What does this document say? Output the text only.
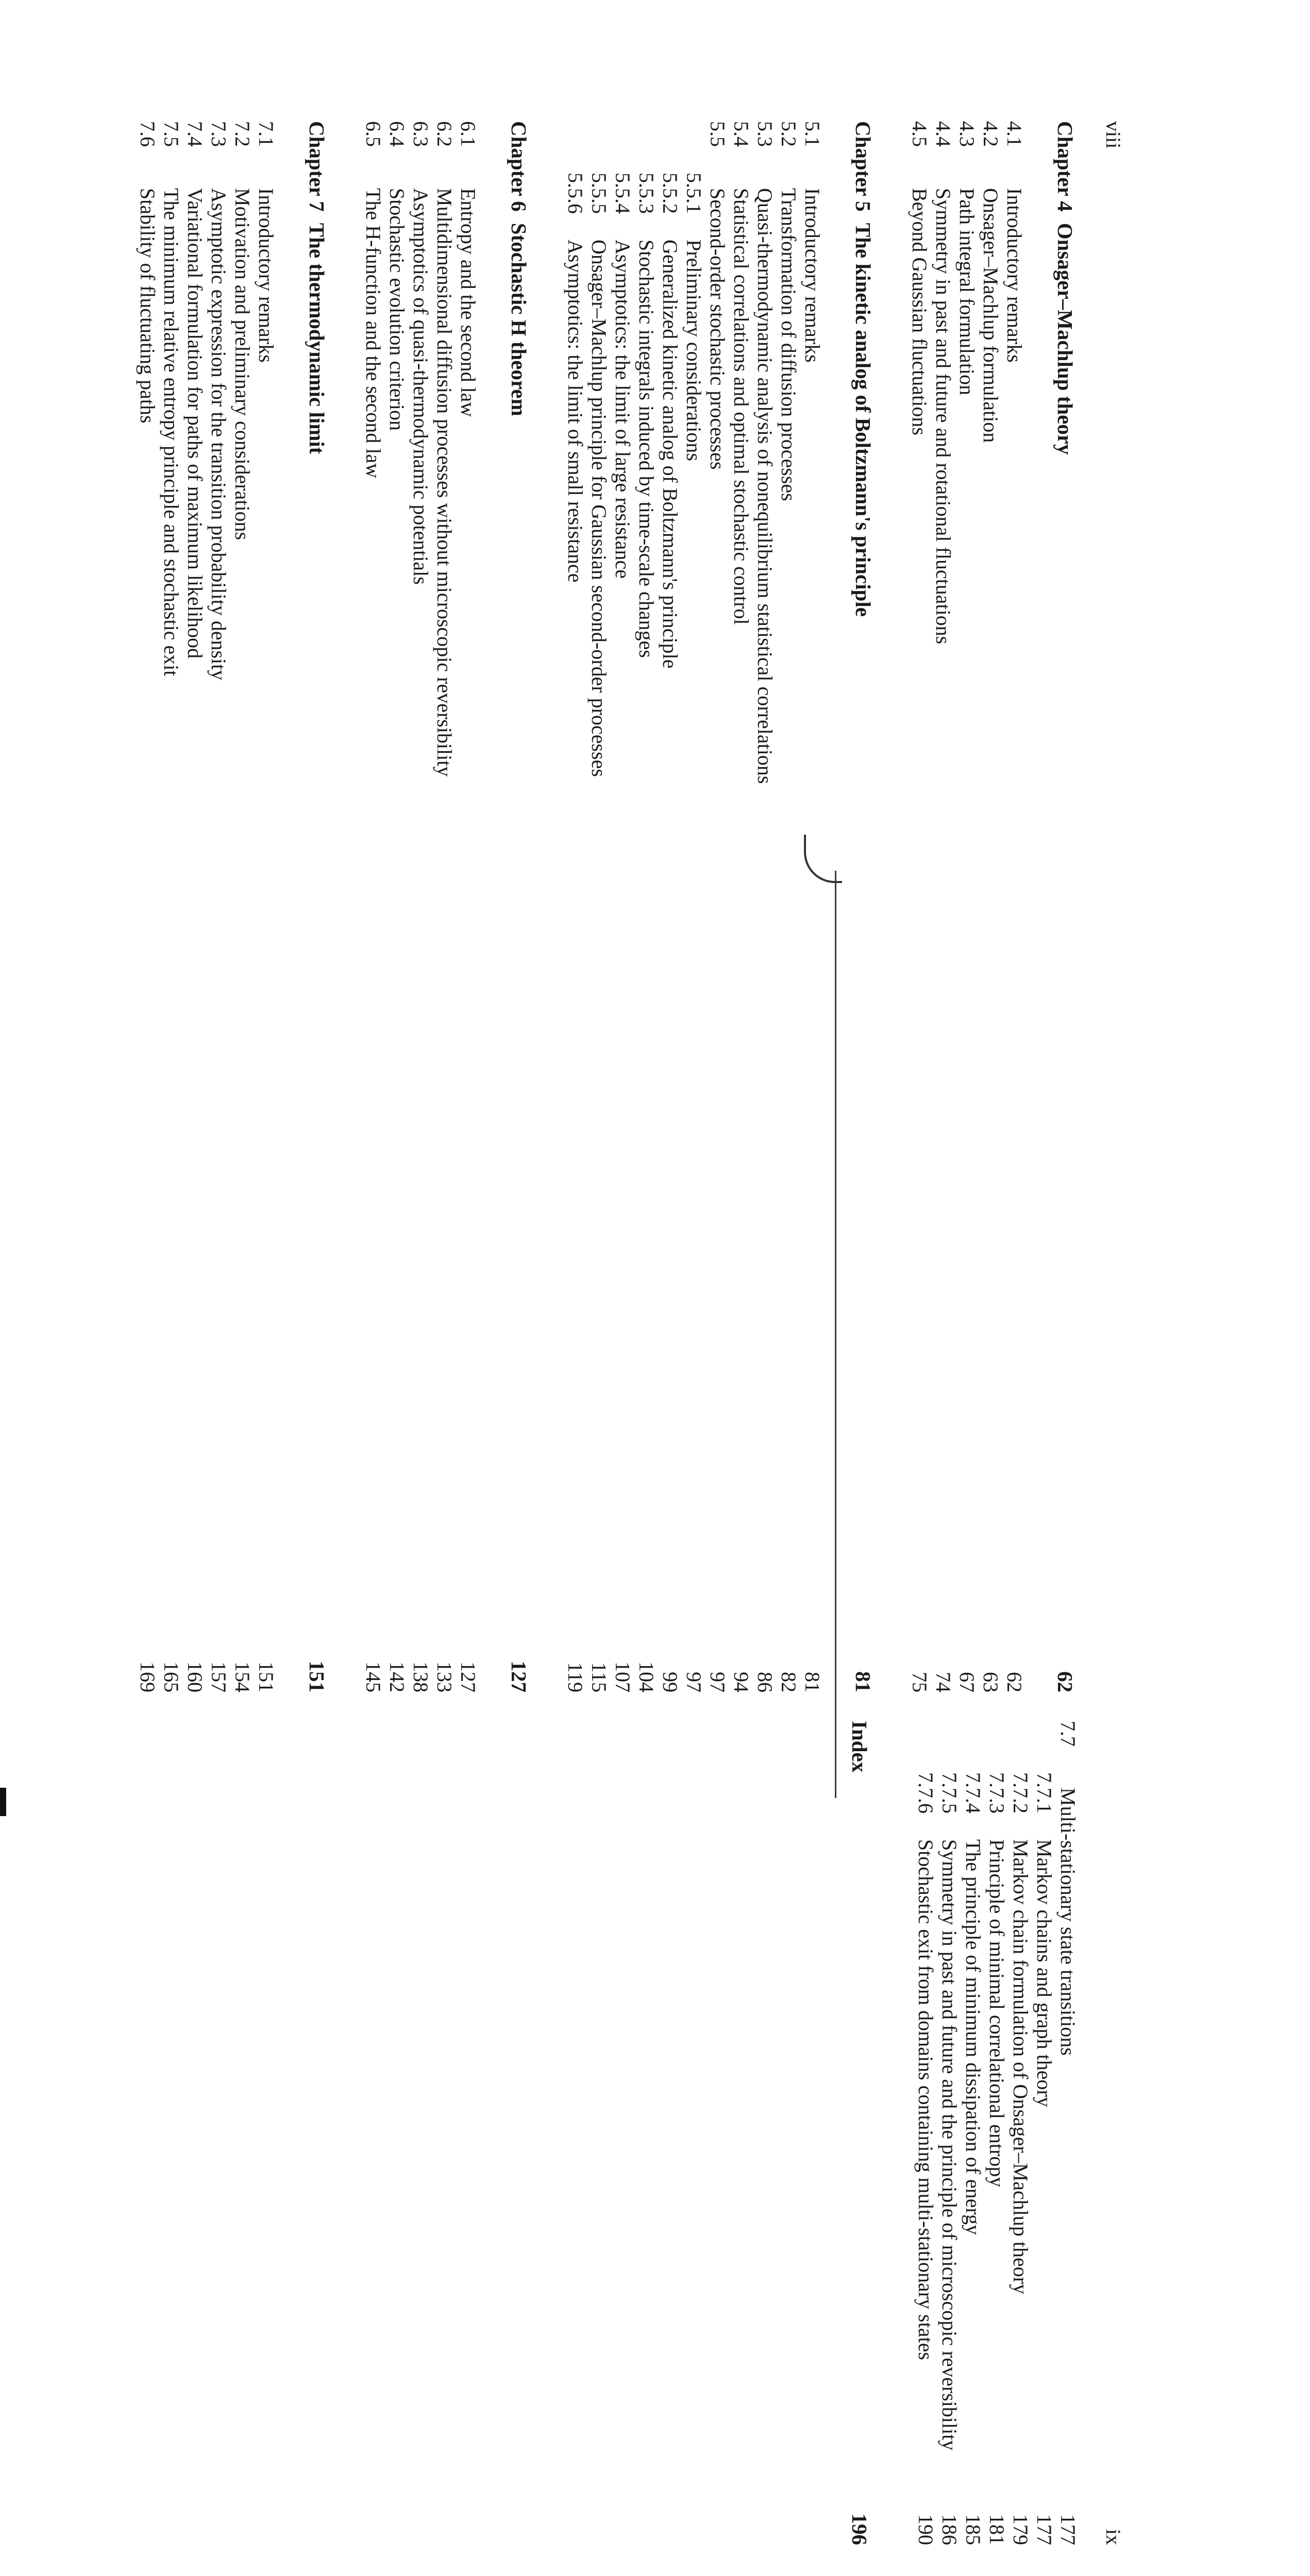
viii
Chapter 4Onsager–Machlup theory
62
4.1
Introductory remarks
62
4.2
Onsager–Machlup formulation
63
4.3
Path integral formulation
67
4.4
Symmetry in past and future and rotational fluctuations
74
4.5
Beyond Gaussian fluctuations
75
Chapter 5The kinetic analog of Boltzmann's principle
81
5.1
Introductory remarks
81
5.2
Transformation of diffusion processes
82
5.3
Quasi-thermodynamic analysis of nonequilibrium statistical correlations
86
5.4
Statistical correlations and optimal stochastic control
94
5.5
Second-order stochastic processes
97
5.5.1
Preliminary considerations
97
5.5.2
Generalized kinetic analog of Boltzmann's principle
99
5.5.3
Stochastic integrals induced by time-scale changes
104
5.5.4
Asymptotics: the limit of large resistance
107
5.5.5
Onsager–Machlup principle for Gaussian second-order processes
115
5.5.6
Asymptotics: the limit of small resistance
119
Chapter 6Stochastic H theorem
127
6.1
Entropy and the second law
127
6.2
Multidimensional diffusion processes without microscopic reversibility
133
6.3
Asymptotics of quasi-thermodynamic potentials
138
6.4
Stochastic evolution criterion
142
6.5
The H-function and the second law
145
Chapter 7The thermodynamic limit
151
7.1
Introductory remarks
151
7.2
Motivation and preliminary considerations
154
7.3
Asymptotic expression for the transition probability density
157
7.4
Variational formulation for paths of maximum likelihood
160
7.5
The minimum relative entropy principle and stochastic exit
165
7.6
Stability of fluctuating paths
169
ix
7.7
Multi-stationary state transitions
177
7.7.1
Markov chains and graph theory
177
7.7.2
Markov chain formulation of Onsager–Machlup theory
179
7.7.3
Principle of minimal correlational entropy
181
7.7.4
The principle of minimum dissipation of energy
185
7.7.5
Symmetry in past and future and the principle of microscopic reversibility
186
7.7.6
Stochastic exit from domains containing multi-stationary states
190
Index
196
